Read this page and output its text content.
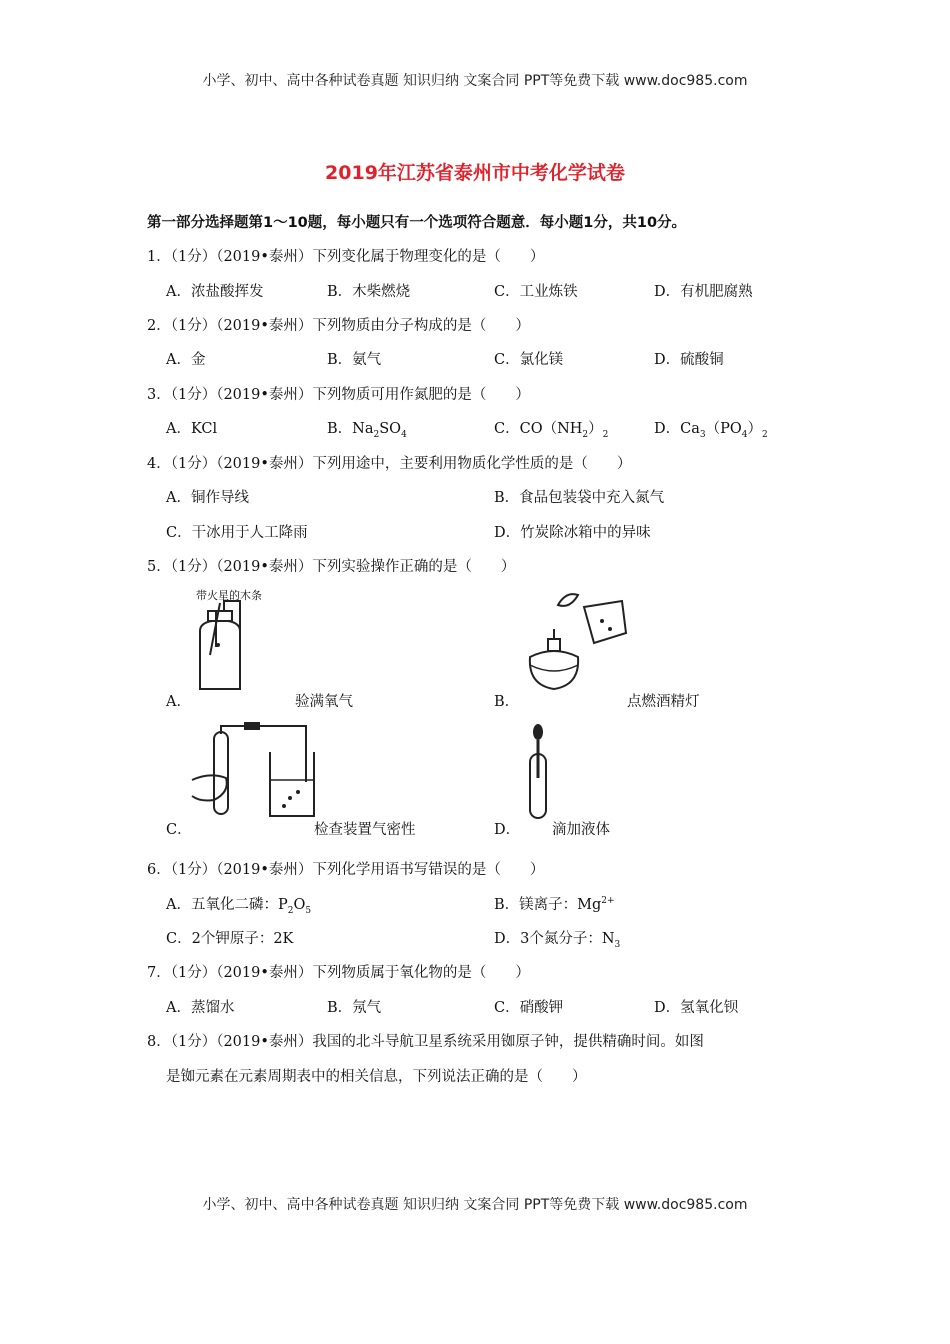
小学、初中、高中各种试卷真题 知识归纳 文案合同 PPT等免费下载 www.doc985.com
2019年江苏省泰州市中考化学试卷
第一部分选择题第1～10题，每小题只有一个选项符合题意．每小题1分，共10分。
1．（1分）（2019•泰州）下列变化属于物理变化的是（　　）
A．浓盐酸挥发	B．木柴燃烧	C．工业炼铁	D．有机肥腐熟
2．（1分）（2019•泰州）下列物质由分子构成的是（　　）
A．金	B．氨气	C．氯化镁	D．硫酸铜
3．（1分）（2019•泰州）下列物质可用作氮肥的是（　　）
A．KCl	B．$Na_2SO_4$	C．$CO(NH_2)_2$	D．$Ca_3(PO_4)_2$
4．（1分）（2019•泰州）下列用途中，主要利用物质化学性质的是（　　）
A．铜作导线	B．食品包装袋中充入氮气
C．干冰用于人工降雨	D．竹炭除冰箱中的异味
5．（1分）（2019•泰州）下列实验操作正确的是（　　）
带火星的木条
A．	验满氧气	B．	点燃酒精灯
C．	检查装置气密性	D． 滴加液体
6．（1分）（2019•泰州）下列化学用语书写错误的是（　　）
A．五氧化二磷：$P_2O_5$	B．镁离子：$Mg^{2+}$
C．2个钾原子：2K	D．3个氮分子：$N_3$
7．（1分）（2019•泰州）下列物质属于氧化物的是（　　）
A．蒸馏水	B．氖气	C．硝酸钾	D．氢氧化钡
8．（1分）（2019•泰州）我国的北斗导航卫星系统采用铷原子钟，提供精确时间。如图
是铷元素在元素周期表中的相关信息，下列说法正确的是（　　）
小学、初中、高中各种试卷真题 知识归纳 文案合同 PPT等免费下载 www.doc985.com
